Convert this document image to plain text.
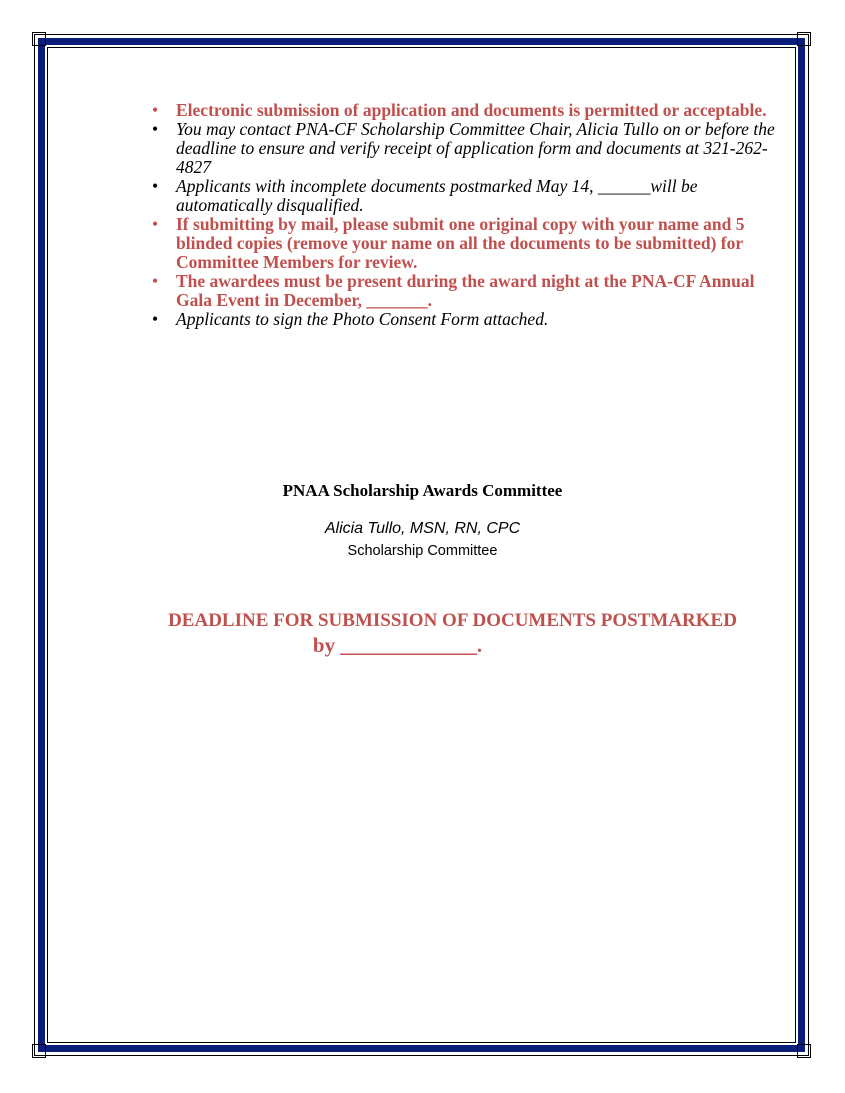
• Electronic submission of application and documents is permitted or acceptable.
• You may contact PNA-CF Scholarship Committee Chair, Alicia Tullo on or before the deadline to ensure and verify receipt of application form and documents at 321-262-4827
• Applicants with incomplete documents postmarked May 14, ______will be automatically disqualified.
• If submitting by mail, please submit one original copy with your name and 5 blinded copies (remove your name on all the documents to be submitted) for Committee Members for review.
• The awardees must be present during the award night at the PNA-CF Annual Gala Event in December, _______.
• Applicants to sign the Photo Consent Form attached.
PNAA Scholarship Awards Committee
Alicia Tullo, MSN, RN, CPC
Scholarship Committee
DEADLINE FOR SUBMISSION OF DOCUMENTS POSTMARKED
by _____________.
